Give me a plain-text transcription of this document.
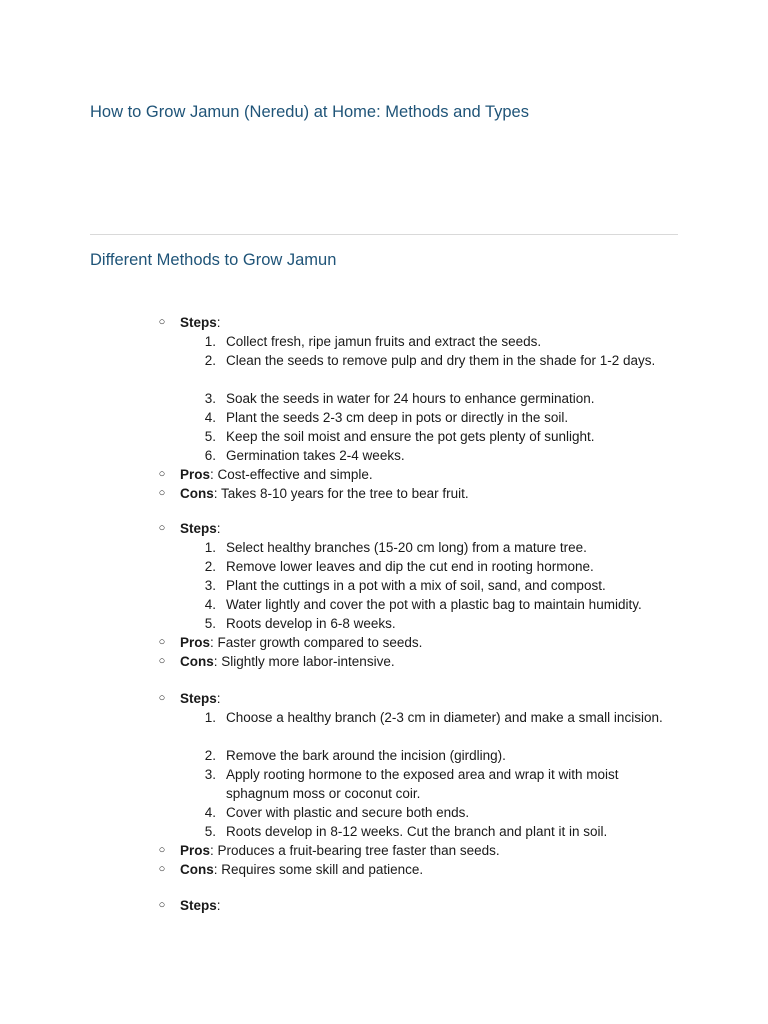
How to Grow Jamun (Neredu) at Home: Methods and Types
Different Methods to Grow Jamun
○ Steps:
1. Collect fresh, ripe jamun fruits and extract the seeds.
2. Clean the seeds to remove pulp and dry them in the shade for 1-2 days.
3. Soak the seeds in water for 24 hours to enhance germination.
4. Plant the seeds 2-3 cm deep in pots or directly in the soil.
5. Keep the soil moist and ensure the pot gets plenty of sunlight.
6. Germination takes 2-4 weeks.
○ Pros: Cost-effective and simple.
○ Cons: Takes 8-10 years for the tree to bear fruit.
○ Steps:
1. Select healthy branches (15-20 cm long) from a mature tree.
2. Remove lower leaves and dip the cut end in rooting hormone.
3. Plant the cuttings in a pot with a mix of soil, sand, and compost.
4. Water lightly and cover the pot with a plastic bag to maintain humidity.
5. Roots develop in 6-8 weeks.
○ Pros: Faster growth compared to seeds.
○ Cons: Slightly more labor-intensive.
○ Steps:
1. Choose a healthy branch (2-3 cm in diameter) and make a small incision.
2. Remove the bark around the incision (girdling).
3. Apply rooting hormone to the exposed area and wrap it with moist sphagnum moss or coconut coir.
4. Cover with plastic and secure both ends.
5. Roots develop in 8-12 weeks. Cut the branch and plant it in soil.
○ Pros: Produces a fruit-bearing tree faster than seeds.
○ Cons: Requires some skill and patience.
○ Steps:
